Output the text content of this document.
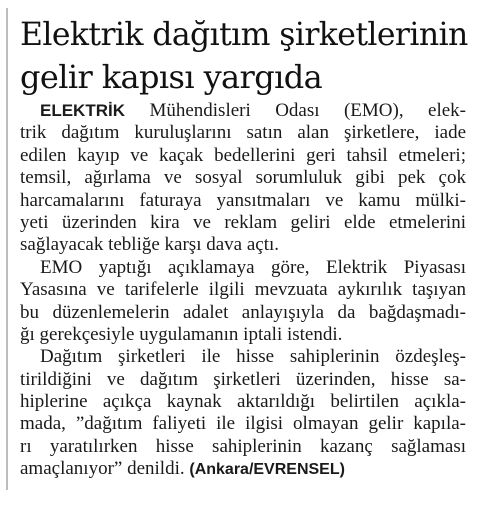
Elektrik dağıtım şirketlerinin
gelir kapısı yargıda

ELEKTRİK Mühendisleri Odası (EMO), elek-
trik dağıtım kuruluşlarını satın alan şirketlere, iade
edilen kayıp ve kaçak bedellerini geri tahsil etmeleri;
temsil, ağırlama ve sosyal sorumluluk gibi pek çok
harcamalarını faturaya yansıtmaları ve kamu mülki-
yeti üzerinden kira ve reklam geliri elde etmelerini
sağlayacak tebliğe karşı dava açtı.

EMO yaptığı açıklamaya göre, Elektrik Piyasası
Yasasına ve tarifelerle ilgili mevzuata aykırılık taşıyan
bu düzenlemelerin adalet anlayışıyla da bağdaşmadı-
ğı gerekçesiyle uygulamanın iptali istendi.

Dağıtım şirketleri ile hisse sahiplerinin özdeşleş-
tirildiğini ve dağıtım şirketleri üzerinden, hisse sa-
hiplerine açıkça kaynak aktarıldığı belirtilen açıkla-
mada, ”dağıtım faliyeti ile ilgisi olmayan gelir kapıla-
rı yaratılırken hisse sahiplerinin kazanç sağlaması
amaçlanıyor” denildi. (Ankara/EVRENSEL)
